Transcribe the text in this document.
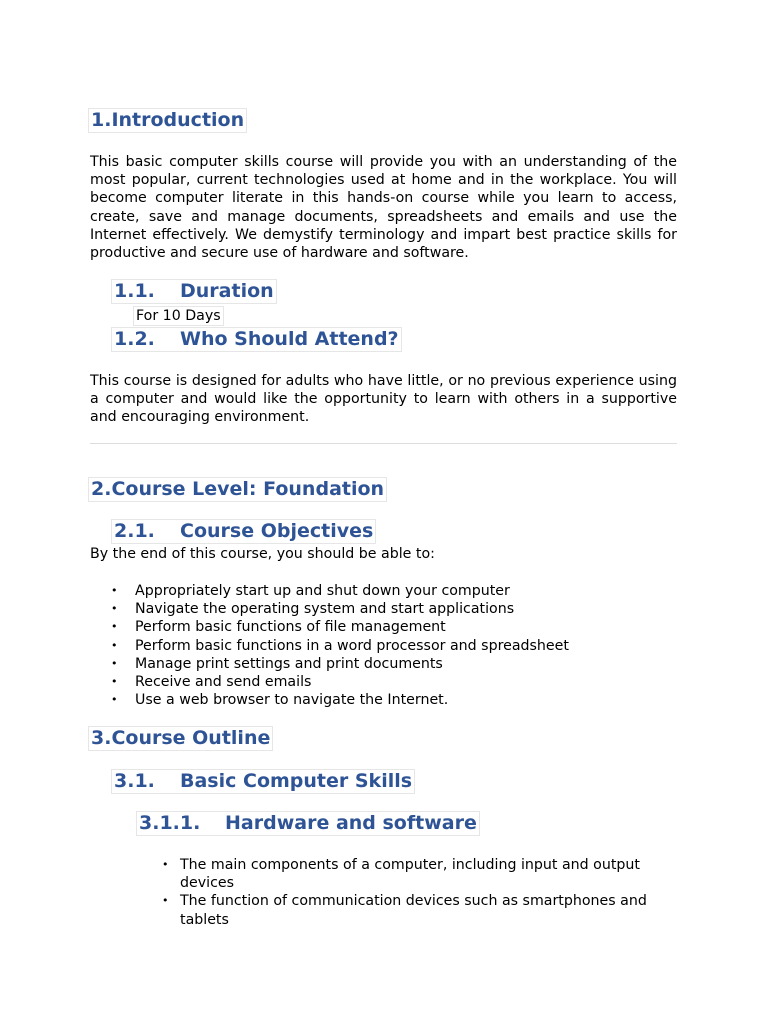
1.Introduction

This basic computer skills course will provide you with an understanding of the most popular, current technologies used at home and in the workplace. You will become computer literate in this hands-on course while you learn to access, create, save and manage documents, spreadsheets and emails and use the Internet effectively. We demystify terminology and impart best practice skills for productive and secure use of hardware and software.

1.1. Duration
For 10 Days
1.2. Who Should Attend?

This course is designed for adults who have little, or no previous experience using a computer and would like the opportunity to learn with others in a supportive and encouraging environment.

2.Course Level: Foundation
2.1. Course Objectives
By the end of this course, you should be able to:
•	Appropriately start up and shut down your computer
•	Navigate the operating system and start applications
•	Perform basic functions of file management
•	Perform basic functions in a word processor and spreadsheet
•	Manage print settings and print documents
•	Receive and send emails
•	Use a web browser to navigate the Internet.
3.Course Outline
3.1. Basic Computer Skills
3.1.1. Hardware and software
• The main components of a computer, including input and output devices
• The function of communication devices such as smartphones and tablets
